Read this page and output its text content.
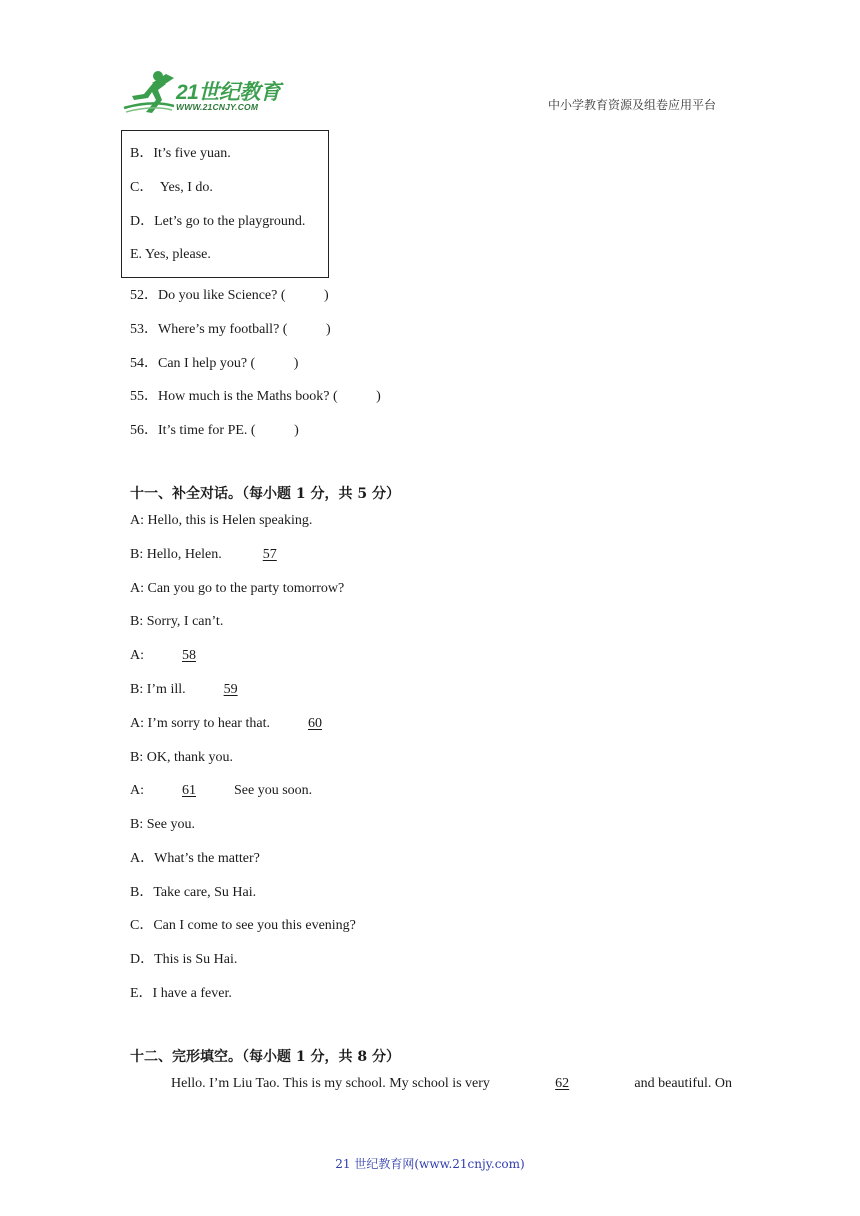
21世纪教育
WWW.21CNJY.COM	中小学教育资源及组卷应用平台
B．It’s five yuan.
C．  Yes, I do.
D．Let’s go to the playground.
E. Yes, please.
52．Do you like Science? (           )
53．Where’s my football? (           )
54．Can I help you? (           )
55．How much is the Maths book? (           )
56．It’s time for PE. (           )
十一、补全对话。（每小题 1 分，共 5 分）
A: Hello, this is Helen speaking.
B: Hello, Helen.  57
A: Can you go to the party tomorrow?
B: Sorry, I can’t.
A:  58
B: I’m ill.  59
A: I’m sorry to hear that.  60
B: OK, thank you.
A:  61  See you soon.
B: See you.
A．What’s the matter?
B．Take care, Su Hai.
C．Can I come to see you this evening?
D．This is Su Hai.
E．I have a fever.
十二、完形填空。（每小题 1 分，共 8 分）
Hello. I’m Liu Tao. This is my school. My school is very	62	and beautiful. On
21 世纪教育网(www.21cnjy.com)
